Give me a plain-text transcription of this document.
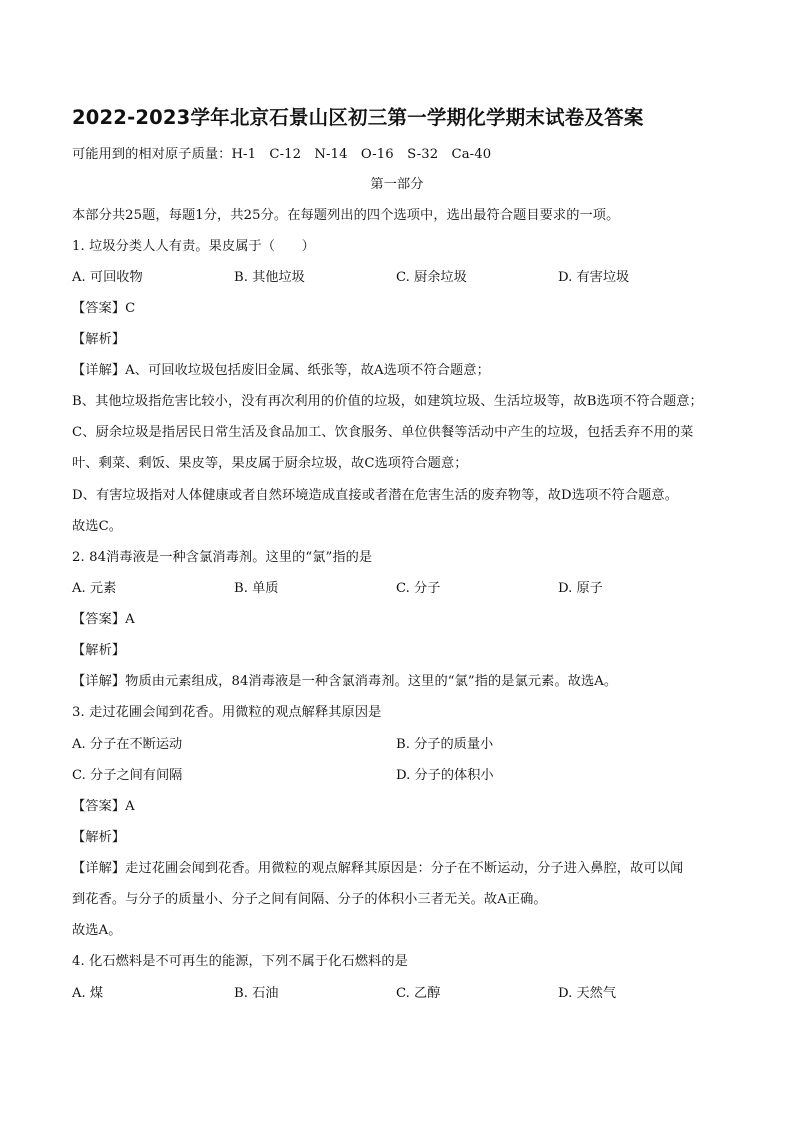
2022-2023学年北京石景山区初三第一学期化学期末试卷及答案
可能用到的相对原子质量：H-1　C-12　N-14　O-16　S-32　Ca-40
第一部分
本部分共25题，每题1分，共25分。在每题列出的四个选项中，选出最符合题目要求的一项。
1. 垃圾分类人人有责。果皮属于（　　）
A. 可回收物	B. 其他垃圾	C. 厨余垃圾	D. 有害垃圾
【答案】C
【解析】
【详解】A、可回收垃圾包括废旧金属、纸张等，故A选项不符合题意；
B、其他垃圾指危害比较小，没有再次利用的价值的垃圾，如建筑垃圾、生活垃圾等，故B选项不符合题意；
C、厨余垃圾是指居民日常生活及食品加工、饮食服务、单位供餐等活动中产生的垃圾，包括丢弃不用的菜
叶、剩菜、剩饭、果皮等，果皮属于厨余垃圾，故C选项符合题意；
D、有害垃圾指对人体健康或者自然环境造成直接或者潜在危害生活的废弃物等，故D选项不符合题意。
故选C。
2. 84消毒液是一种含氯消毒剂。这里的“氯”指的是
A. 元素	B. 单质	C. 分子	D. 原子
【答案】A
【解析】
【详解】物质由元素组成，84消毒液是一种含氯消毒剂。这里的“氯”指的是氯元素。故选A。
3. 走过花圃会闻到花香。用微粒的观点解释其原因是
A. 分子在不断运动	B. 分子的质量小
C. 分子之间有间隔	D. 分子的体积小
【答案】A
【解析】
【详解】走过花圃会闻到花香。用微粒的观点解释其原因是：分子在不断运动，分子进入鼻腔，故可以闻
到花香。与分子的质量小、分子之间有间隔、分子的体积小三者无关。故A正确。
故选A。
4. 化石燃料是不可再生的能源，下列不属于化石燃料的是
A. 煤	B. 石油	C. 乙醇	D. 天然气
